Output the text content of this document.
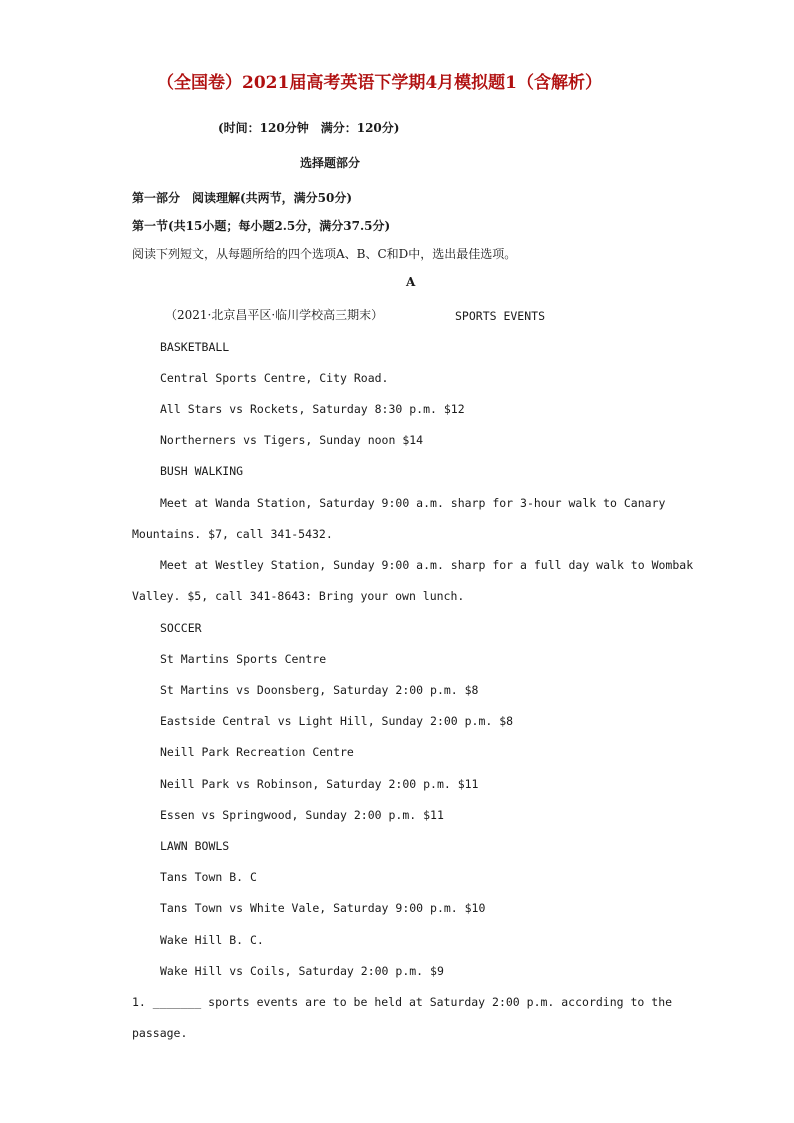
（全国卷）2021届高考英语下学期4月模拟题1（含解析）
(时间：120分钟　满分：120分)
选择题部分
第一部分　阅读理解(共两节，满分50分)
第一节(共15小题；每小题2.5分，满分37.5分)
阅读下列短文，从每题所给的四个选项A、B、C和D中，选出最佳选项。
A
（2021·北京昌平区·临川学校高三期末）	SPORTS EVENTS
BASKETBALL
Central Sports Centre, City Road.
All Stars vs Rockets, Saturday 8:30 p.m. $12
Northerners vs Tigers, Sunday noon $14
BUSH WALKING
Meet at Wanda Station, Saturday 9:00 a.m. sharp for 3-hour walk to Canary
Mountains. $7, call 341-5432.
Meet at Westley Station, Sunday 9:00 a.m. sharp for a full day walk to Wombak
Valley. $5, call 341-8643: Bring your own lunch.
SOCCER
St Martins Sports Centre
St Martins vs Doonsberg, Saturday 2:00 p.m. $8
Eastside Central vs Light Hill, Sunday 2:00 p.m. $8
Neill Park Recreation Centre
Neill Park vs Robinson, Saturday 2:00 p.m. $11
Essen vs Springwood, Sunday 2:00 p.m. $11
LAWN BOWLS
Tans Town B. C
Tans Town vs White Vale, Saturday 9:00 p.m. $10
Wake Hill B. C.
Wake Hill vs Coils, Saturday 2:00 p.m. $9
1. _______ sports events are to be held at Saturday 2:00 p.m. according to the
passage.
